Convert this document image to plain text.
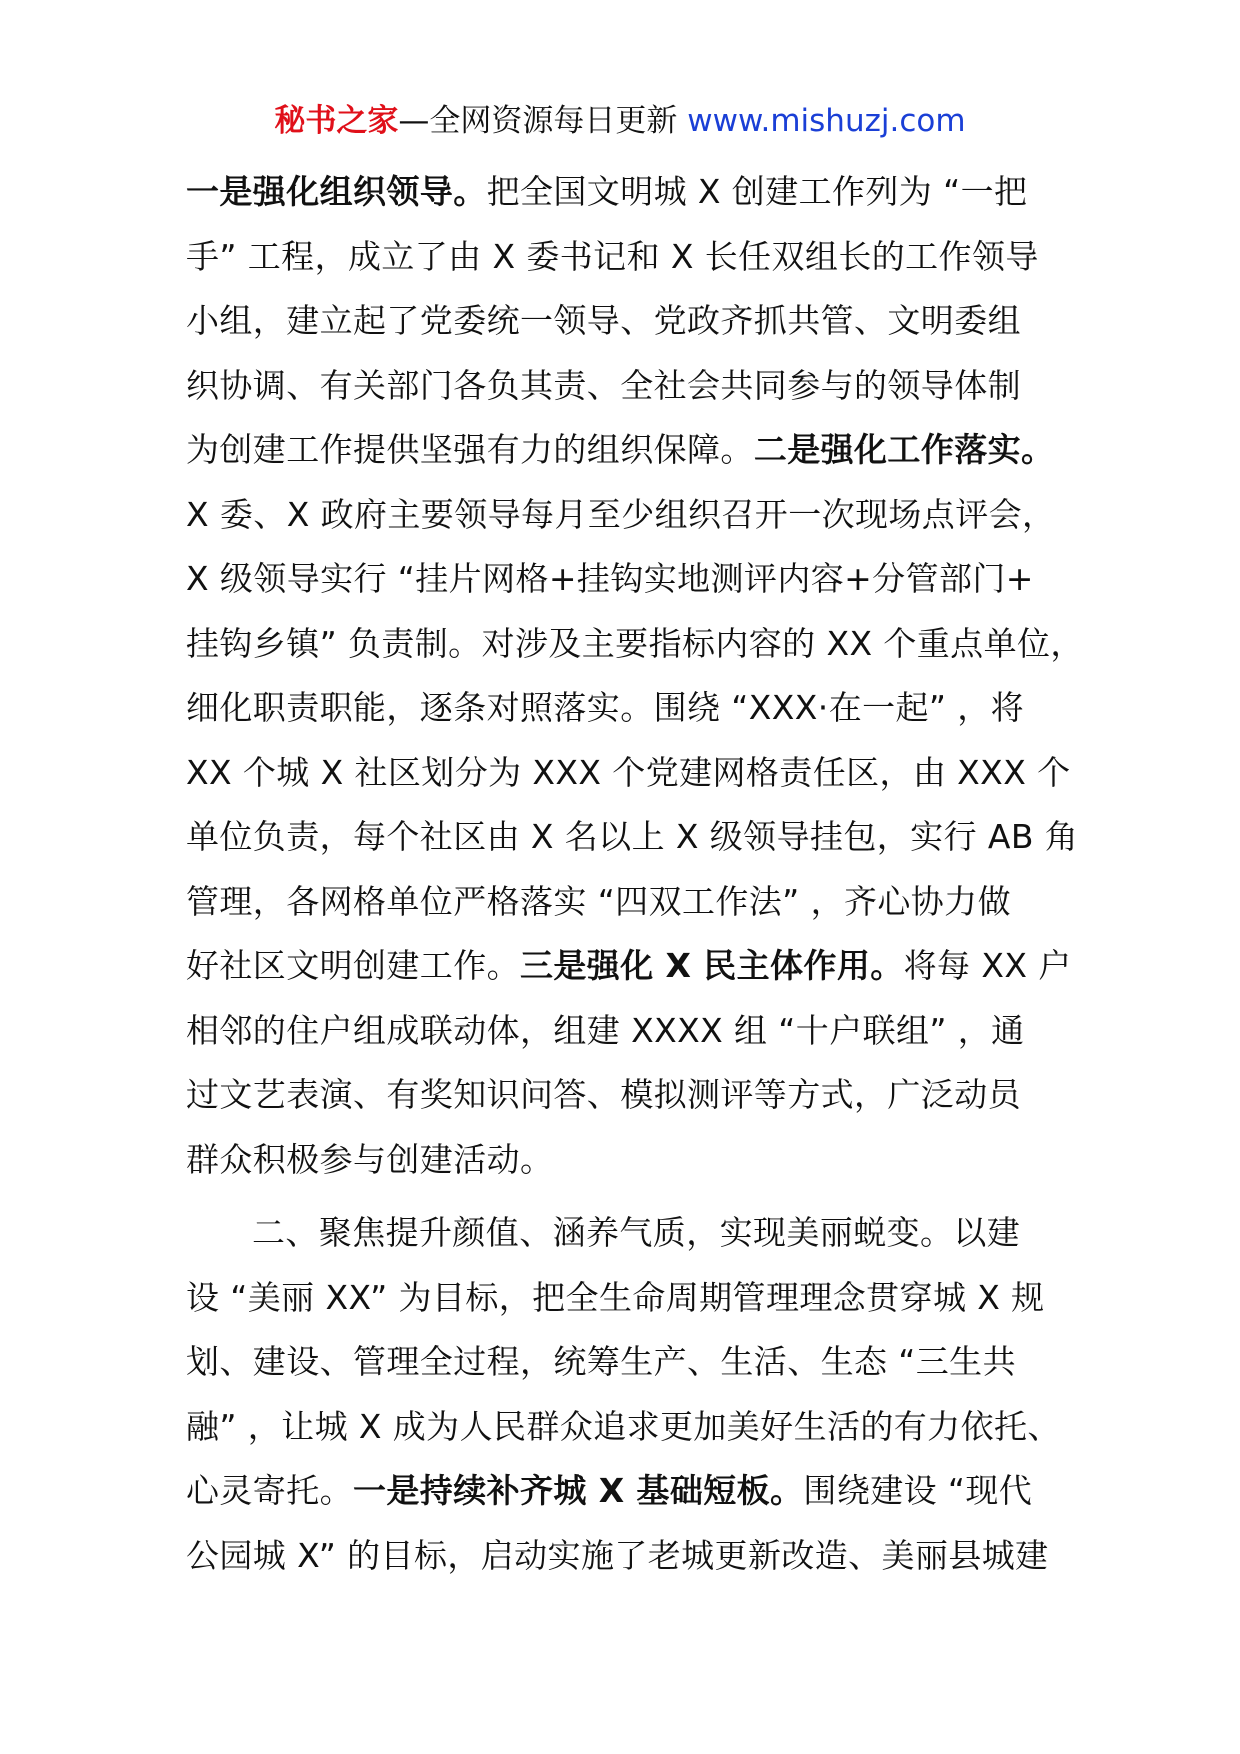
秘书之家—全网资源每日更新 www.mishuzj.com
一是强化组织领导。把全国文明城 X 创建工作列为 “一把
手” 工程，成立了由 X 委书记和 X 长任双组长的工作领导
小组，建立起了党委统一领导、党政齐抓共管、文明委组
织协调、有关部门各负其责、全社会共同参与的领导体制
为创建工作提供坚强有力的组织保障。二是强化工作落实。
X 委、X 政府主要领导每月至少组织召开一次现场点评会，
X 级领导实行 “挂片网格+挂钩实地测评内容+分管部门+
挂钩乡镇” 负责制。对涉及主要指标内容的 XX 个重点单位，
细化职责职能，逐条对照落实。围绕 “XXX·在一起” ，将
XX 个城 X 社区划分为 XXX 个党建网格责任区，由 XXX 个
单位负责，每个社区由 X 名以上 X 级领导挂包，实行 AB 角
管理，各网格单位严格落实 “四双工作法” ，齐心协力做
好社区文明创建工作。三是强化 X 民主体作用。将每 XX 户
相邻的住户组成联动体，组建 XXXX 组 “十户联组” ，通
过文艺表演、有奖知识问答、模拟测评等方式，广泛动员
群众积极参与创建活动。
二、聚焦提升颜值、涵养气质，实现美丽蜕变。以建
设 “美丽 XX” 为目标，把全生命周期管理理念贯穿城 X 规
划、建设、管理全过程，统筹生产、生活、生态 “三生共
融” ，让城 X 成为人民群众追求更加美好生活的有力依托、
心灵寄托。一是持续补齐城 X 基础短板。围绕建设 “现代
公园城 X” 的目标，启动实施了老城更新改造、美丽县城建
